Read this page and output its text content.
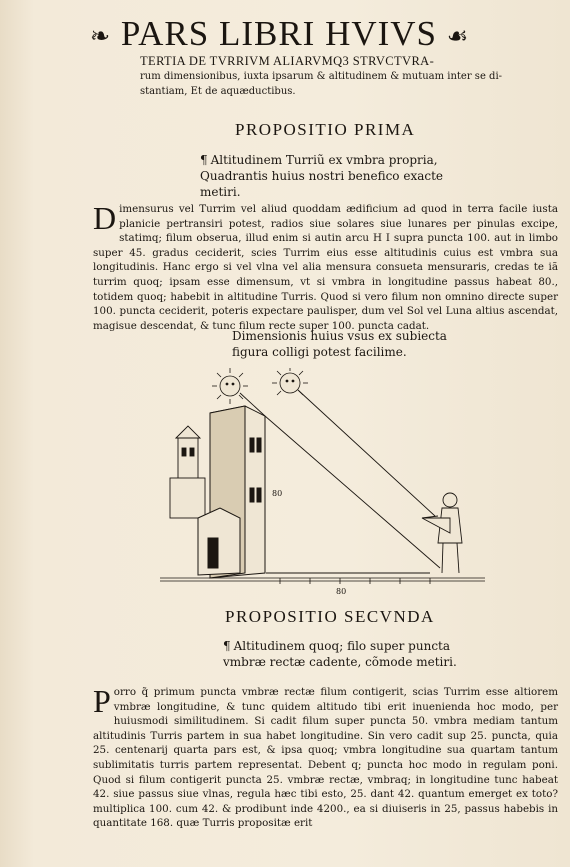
❧ PARS LIBRI HVIVS ☙
TERTIA DE TVRRIVM ALIARVMQ3 STRVCTVRA-
rum dimensionibus, iuxta ipsarum & altitudinem & mutuam inter se di-
stantiam, Et de aquæductibus.
PROPOSITIO PRIMA
¶ Altitudinem Turriũ ex vmbra propria, Quadrantis huius nostri benefico exacte metiri.
Dimensurus vel Turrim vel aliud quoddam ædificium ad quod in terra facile iusta planicie pertransiri potest, radios siue solares siue lunares per pinulas excipe, statimq; filum obserua, illud enim si autin arcu H I supra puncta 100. aut in limbo super 45. gradus ceciderit, scies Turrim eius esse altitudinis cuius est vmbra sua longitudinis. Hanc ergo si vel vlna vel alia mensura consueta mensuraris, credas te iã turrim quoq; ipsam esse dimensum, vt si vmbra in longitudine passus habeat 80., totidem quoq; habebit in altitudine Turris. Quod si vero filum non omnino directe super 100. puncta ceciderit, poteris expectare paulisper, dum vel Sol vel Luna altius ascendat, magisue descendat, & tunc filum recte super 100. puncta cadat.
Dimensionis huius vsus ex subiecta figura colligi potest facilime.
80
80
PROPOSITIO SECVNDA
¶ Altitudinem quoq; filo super puncta vmbræ rectæ cadente, cõmode metiri.
Porro q̃ primum puncta vmbræ rectæ filum contigerit, scias Turrim esse altiorem vmbræ longitudine, & tunc quidem altitudo tibi erit inuenienda hoc modo, per huiusmodi similitudinem. Si cadit filum super puncta 50. vmbra mediam tantum altitudinis Turris partem in sua habet longitudine. Sin vero cadit sup 25. puncta, quia 25. centenarij quarta pars est, & ipsa quoq; vmbra longitudine sua quartam tantum sublimitatis turris partem representat. Debent q; puncta hoc modo in regulam poni. Quod si filum contigerit puncta 25. vmbræ rectæ, vmbraq; in longitudine tunc habeat 42. siue passus siue vlnas, regula hæc tibi esto, 25. dant 42. quantum emerget ex toto? multiplica 100. cum 42. & prodibunt inde 4200., ea si diuiseris in 25, passus habebis in quantitate 168. quæ Turris propositæ erit
